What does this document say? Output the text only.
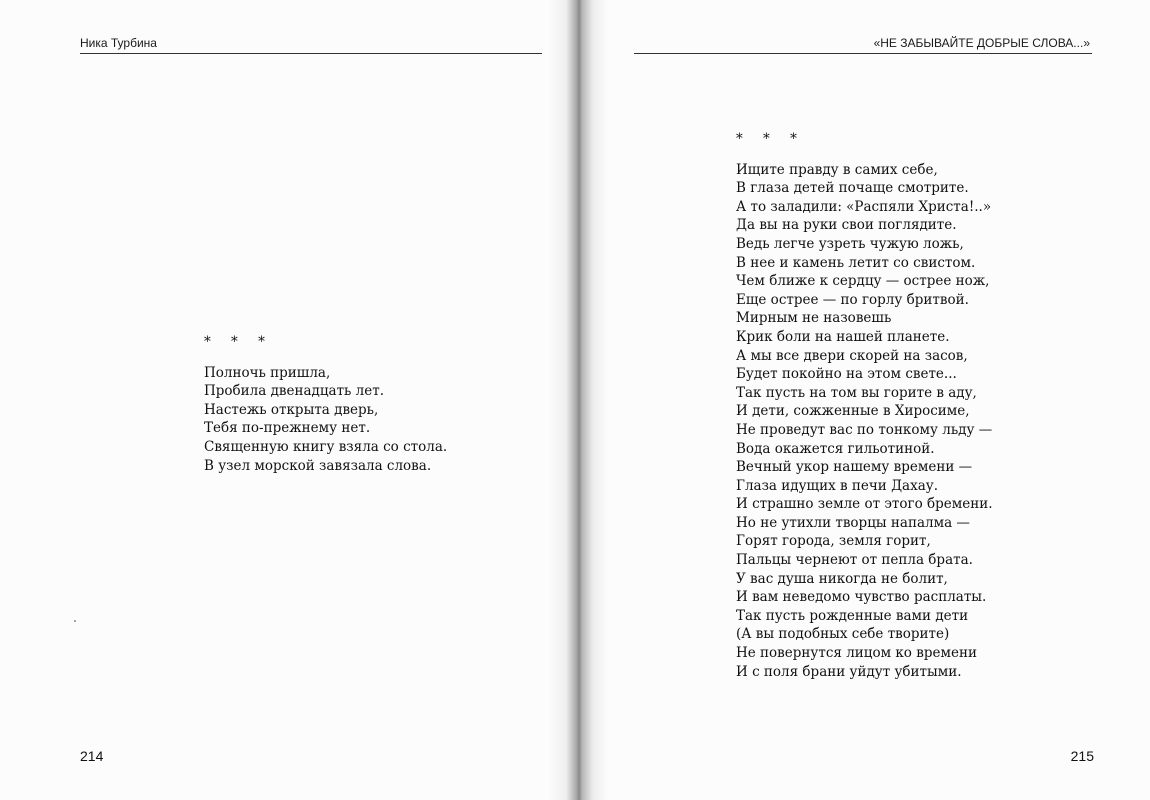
Ника Турбина
* * *
Полночь пришла,
Пробила двенадцать лет.
Настежь открыта дверь,
Тебя по-прежнему нет.
Священную книгу взяла со стола.
В узел морской завязала слова.
214
«НЕ ЗАБЫВАЙТЕ ДОБРЫЕ СЛОВА...»
* * *
Ищите правду в самих себе,
В глаза детей почаще смотрите.
А то заладили: «Распяли Христа!..»
Да вы на руки свои поглядите.
Ведь легче узреть чужую ложь,
В нее и камень летит со свистом.
Чем ближе к сердцу — острее нож,
Еще острее — по горлу бритвой.
Мирным не назовешь
Крик боли на нашей планете.
А мы все двери скорей на засов,
Будет покойно на этом свете...
Так пусть на том вы горите в аду,
И дети, сожженные в Хиросиме,
Не проведут вас по тонкому льду —
Вода окажется гильотиной.
Вечный укор нашему времени —
Глаза идущих в печи Дахау.
И страшно земле от этого бремени.
Но не утихли творцы напалма —
Горят города, земля горит,
Пальцы чернеют от пепла брата.
У вас душа никогда не болит,
И вам неведомо чувство расплаты.
Так пусть рожденные вами дети
(А вы подобных себе творите)
Не повернутся лицом ко времени
И с поля брани уйдут убитыми.
215
